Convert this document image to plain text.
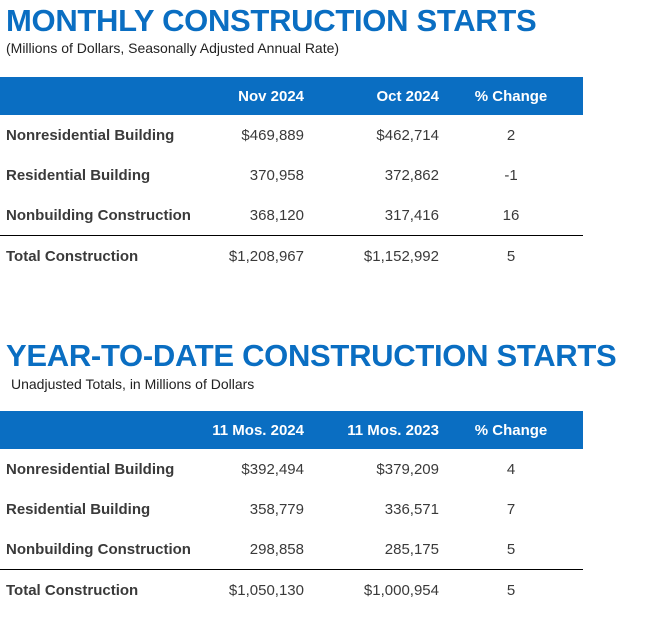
MONTHLY CONSTRUCTION STARTS

(Millions of Dollars, Seasonally Adjusted Annual Rate)

	Nov 2024	Oct 2024	% Change
Nonresidential Building	$469,889	$462,714	2
Residential Building	370,958	372,862	-1
Nonbuilding Construction	368,120	317,416	16
Total Construction	$1,208,967	$1,152,992	5
YEAR-TO-DATE CONSTRUCTION STARTS

Unadjusted Totals, in Millions of Dollars

	11 Mos. 2024	11 Mos. 2023	% Change
Nonresidential Building	$392,494	$379,209	4
Residential Building	358,779	336,571	7
Nonbuilding Construction	298,858	285,175	5
Total Construction	$1,050,130	$1,000,954	5
